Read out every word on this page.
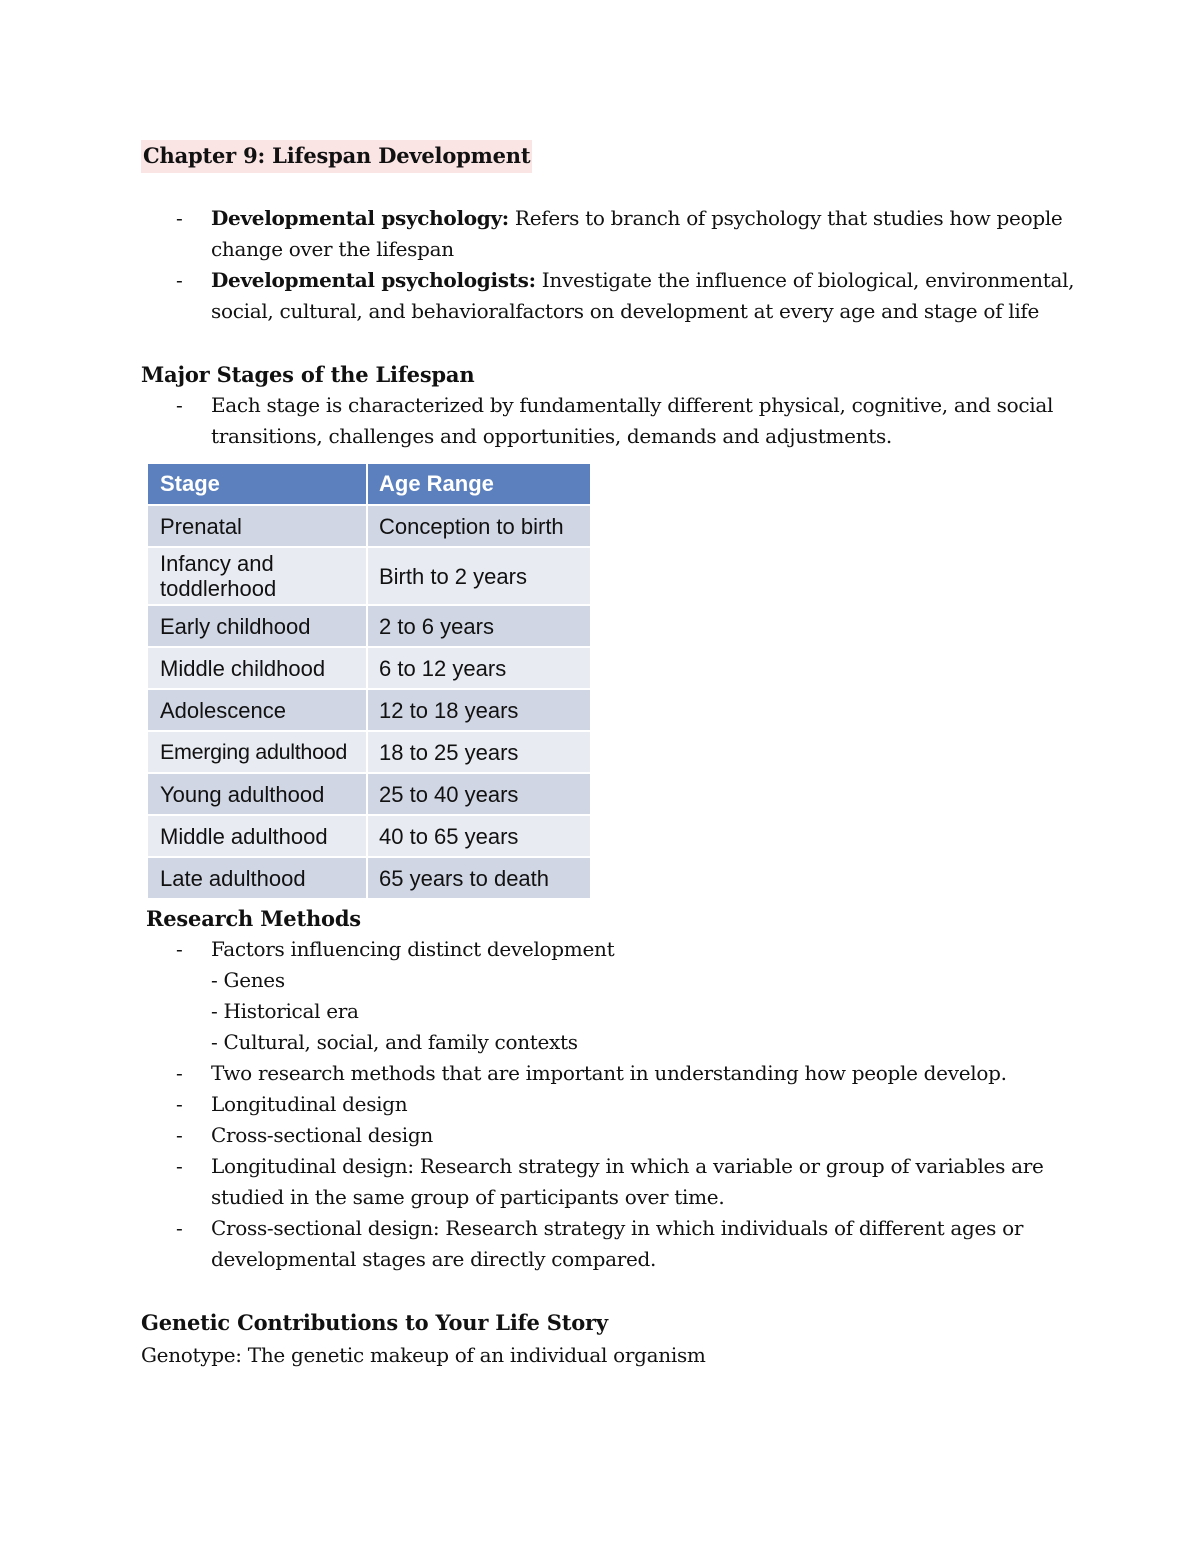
Chapter 9: Lifespan Development
- Developmental psychology: Refers to branch of psychology that studies how people
change over the lifespan
- Developmental psychologists: Investigate the influence of biological, environmental,
social, cultural, and behavioralfactors on development at every age and stage of life
Major Stages of the Lifespan
- Each stage is characterized by fundamentally different physical, cognitive, and social
transitions, challenges and opportunities, demands and adjustments.
Stage	Age Range
Prenatal	Conception to birth
Infancy and toddlerhood	Birth to 2 years
Early childhood	2 to 6 years
Middle childhood	6 to 12 years
Adolescence	12 to 18 years
Emerging adulthood	18 to 25 years
Young adulthood	25 to 40 years
Middle adulthood	40 to 65 years
Late adulthood	65 years to death
Research Methods
- Factors influencing distinct development
- Genes
- Historical era
- Cultural, social, and family contexts
- Two research methods that are important in understanding how people develop.
- Longitudinal design
- Cross-sectional design
- Longitudinal design: Research strategy in which a variable or group of variables are
studied in the same group of participants over time.
- Cross-sectional design: Research strategy in which individuals of different ages or
developmental stages are directly compared.
Genetic Contributions to Your Life Story
Genotype: The genetic makeup of an individual organism
